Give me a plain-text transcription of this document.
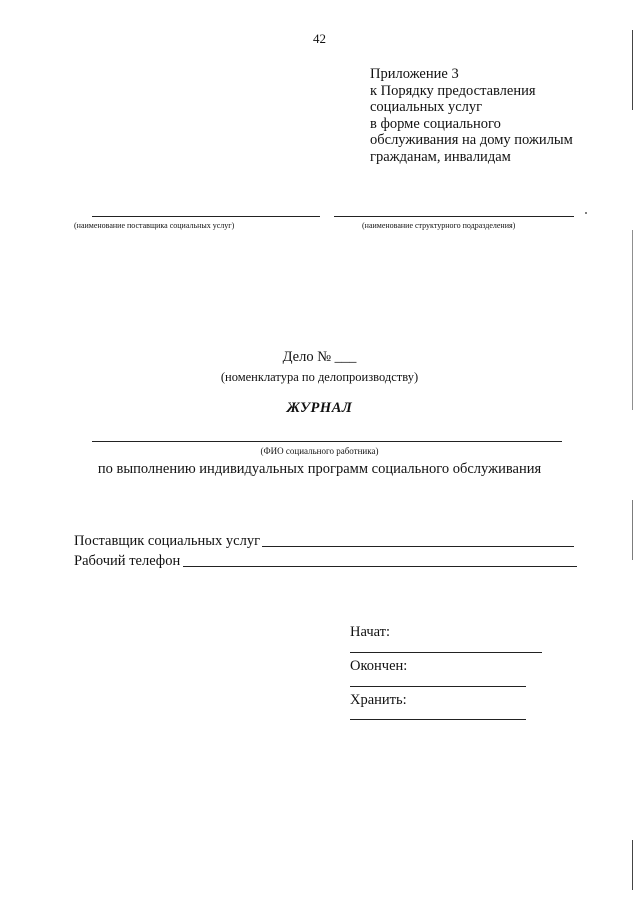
42
Приложение 3
к Порядку предоставления
социальных услуг
в форме социального
обслуживания на дому пожилым
гражданам, инвалидам
(наименование поставщика социальных услуг)	(наименование структурного подразделения)
Дело № ___
(номенклатура по делопроизводству)
ЖУРНАЛ
(ФИО социального работника)
по выполнению индивидуальных программ социального обслуживания
Поставщик социальных услуг
Рабочий телефон
Начат:
Окончен:
Хранить:
